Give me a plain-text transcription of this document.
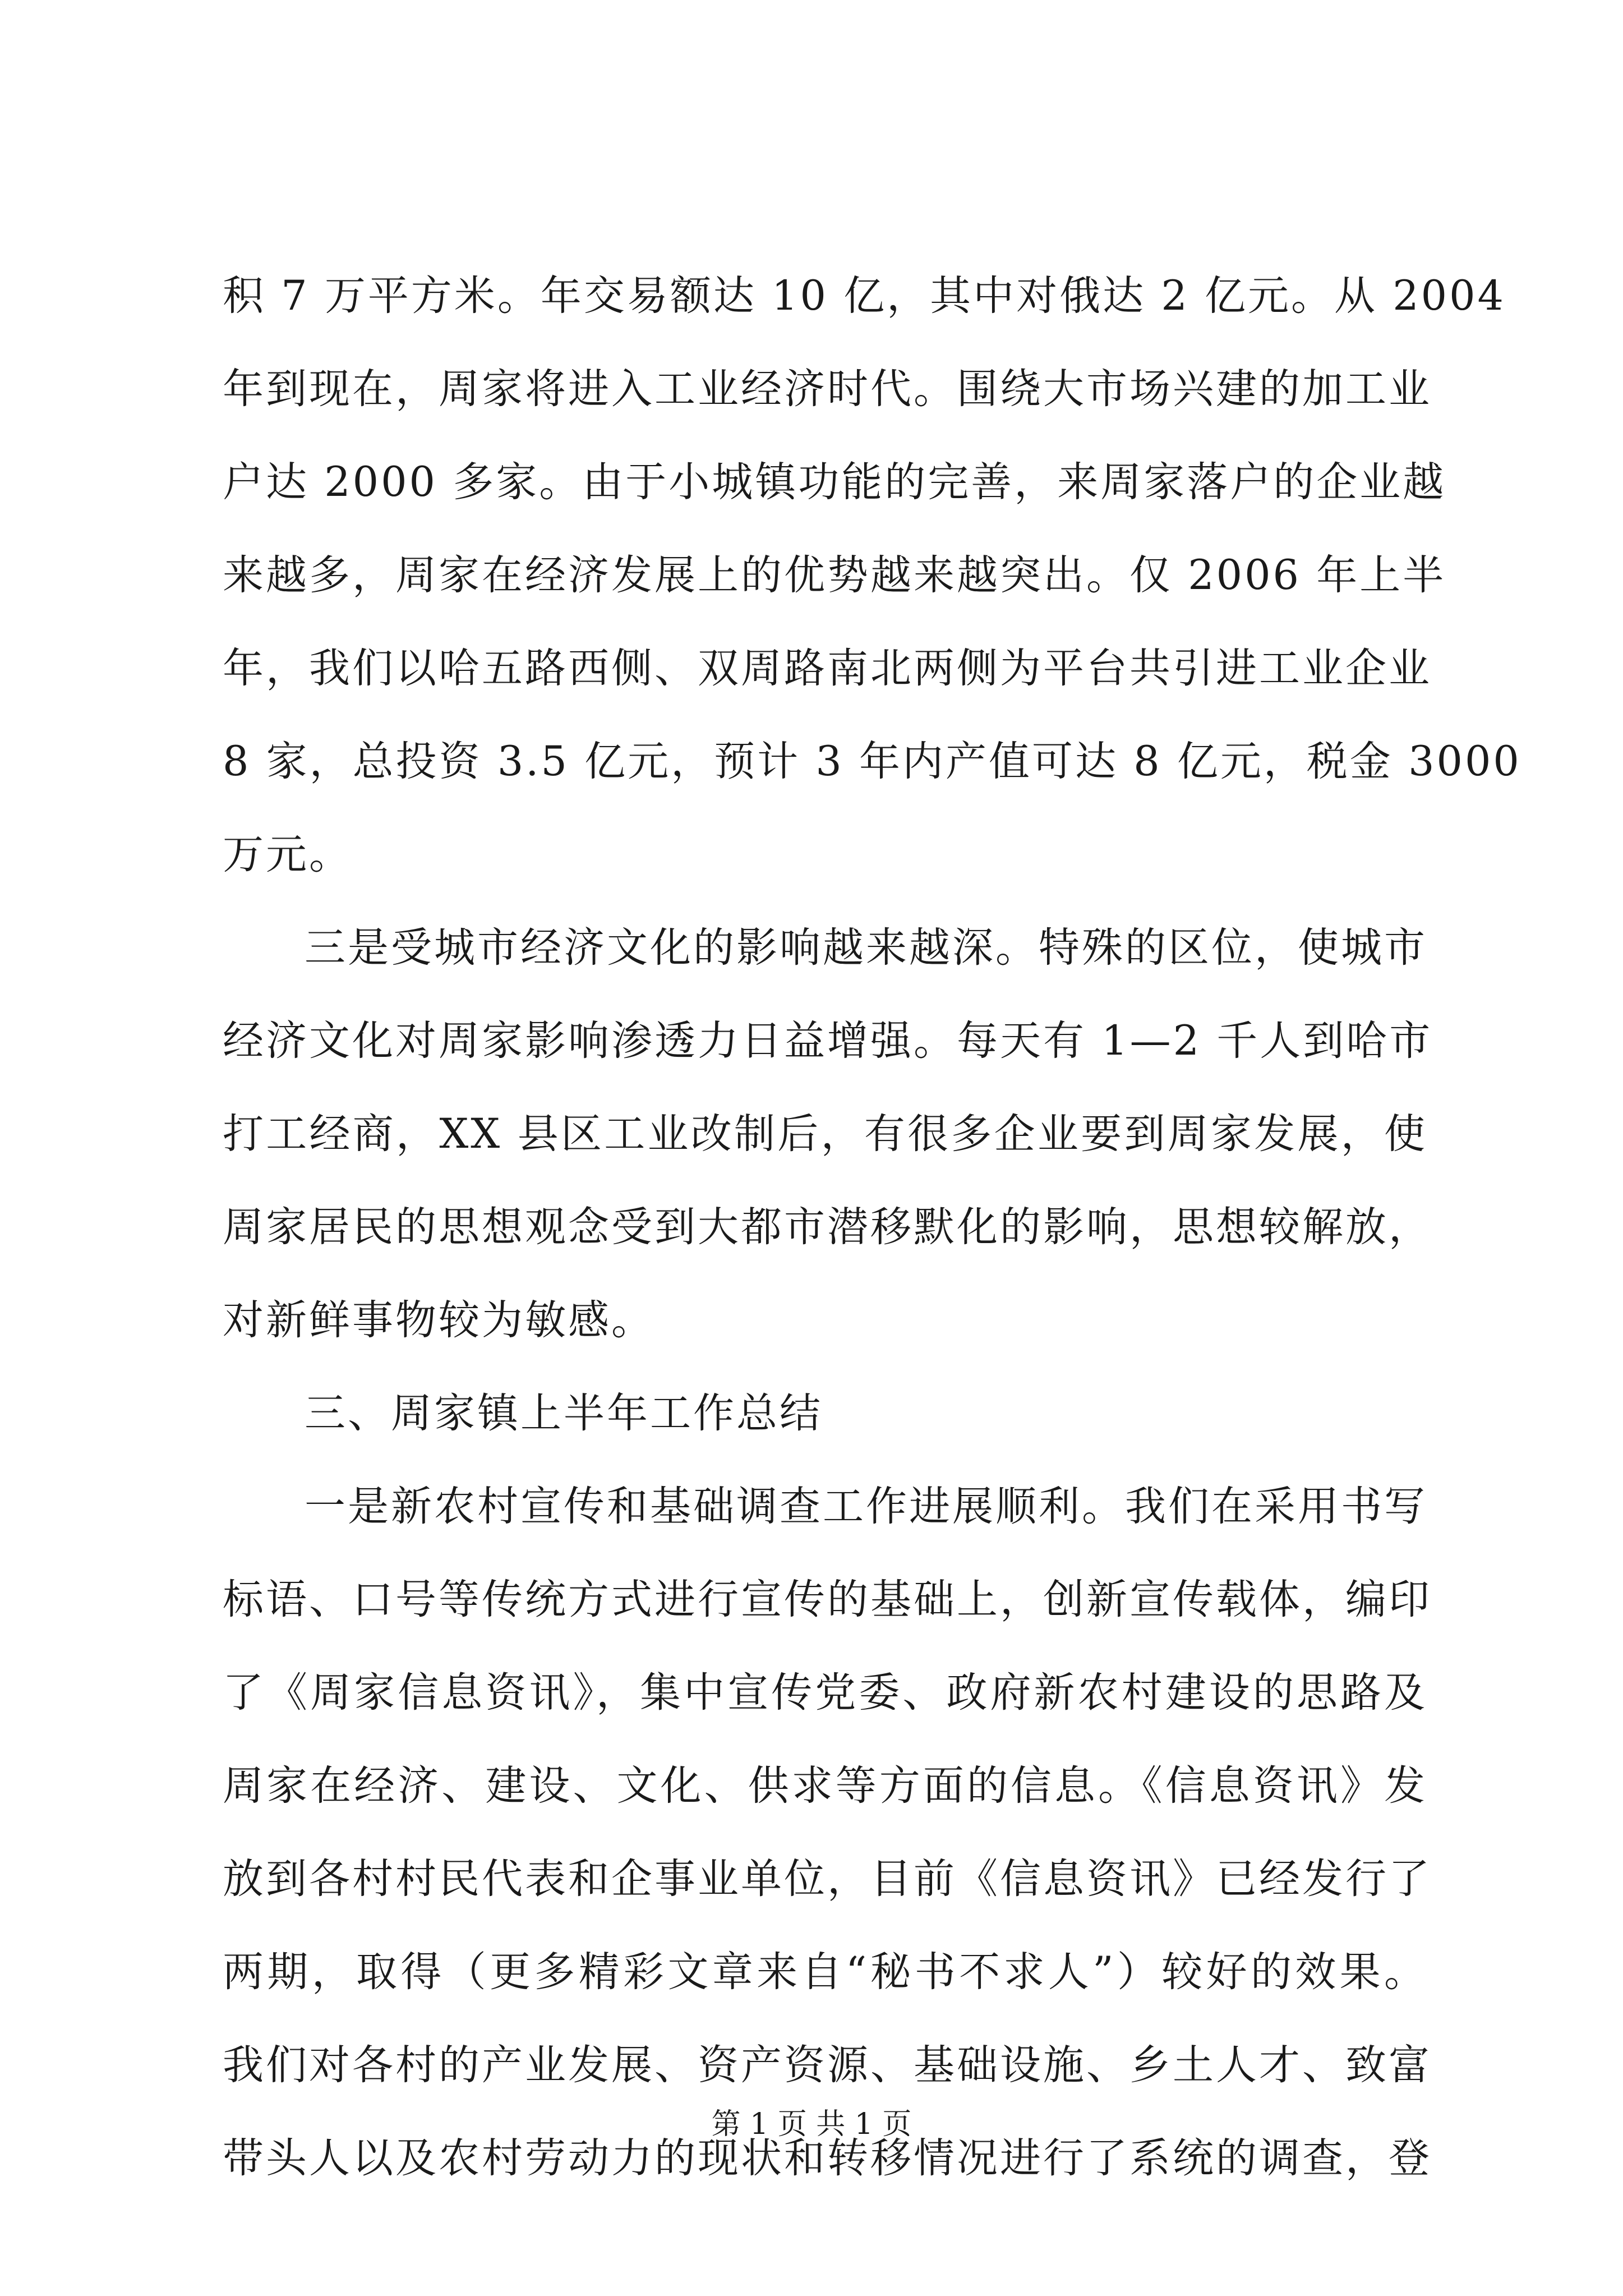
积 7 万平方米。年交易额达 10 亿，其中对俄达 2 亿元。从 2004
年到现在，周家将进入工业经济时代。围绕大市场兴建的加工业
户达 2000 多家。由于小城镇功能的完善，来周家落户的企业越
来越多，周家在经济发展上的优势越来越突出。仅 2006 年上半
年，我们以哈五路西侧、双周路南北两侧为平台共引进工业企业
8 家，总投资 3.5 亿元，预计 3 年内产值可达 8 亿元，税金 3000
万元。
三是受城市经济文化的影响越来越深。特殊的区位，使城市
经济文化对周家影响渗透力日益增强。每天有 1—2 千人到哈市
打工经商，XX 县区工业改制后，有很多企业要到周家发展，使
周家居民的思想观念受到大都市潜移默化的影响，思想较解放，
对新鲜事物较为敏感。
三、周家镇上半年工作总结
一是新农村宣传和基础调查工作进展顺利。我们在采用书写
标语、口号等传统方式进行宣传的基础上，创新宣传载体，编印
了《周家信息资讯》，集中宣传党委、政府新农村建设的思路及
周家在经济、建设、文化、供求等方面的信息。《信息资讯》发
放到各村村民代表和企事业单位，目前《信息资讯》已经发行了
两期，取得（更多精彩文章来自“秘书不求人”）较好的效果。
我们对各村的产业发展、资产资源、基础设施、乡土人才、致富
带头人以及农村劳动力的现状和转移情况进行了系统的调查，登
第 1 页 共 1 页
